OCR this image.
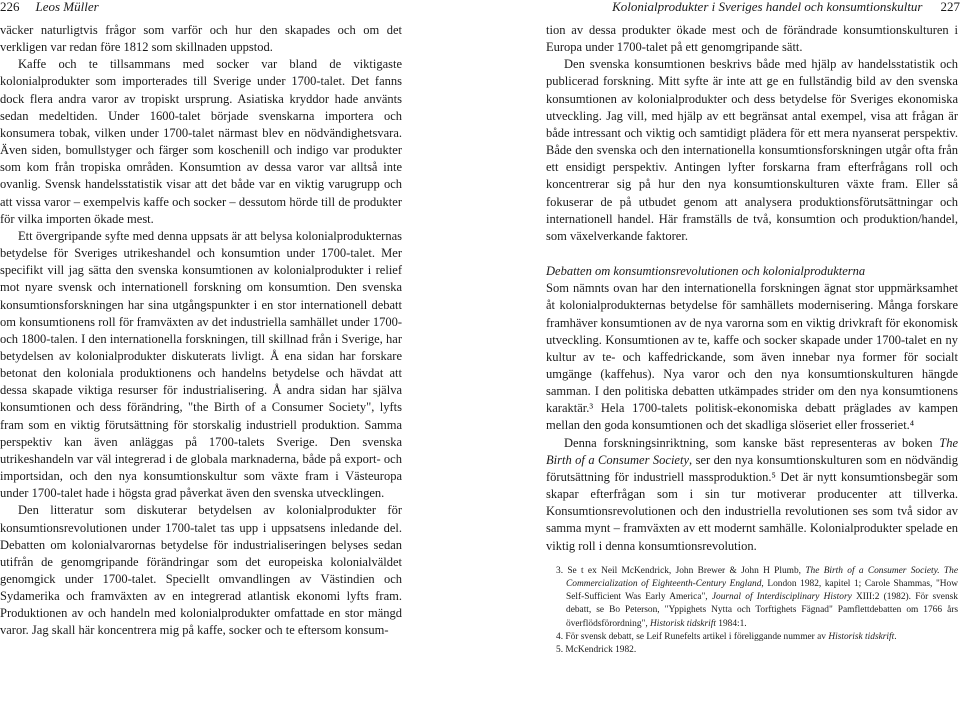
226 Leos Müller	Kolonialprodukter i Sveriges handel och konsumtionskultur 227

väcker naturligtvis frågor som varför och hur den skapades och om det verkligen var redan före 1812 som skillnaden uppstod.

Kaffe och te tillsammans med socker var bland de viktigaste kolonialprodukter som importerades till Sverige under 1700-talet. Det fanns dock flera andra varor av tropiskt ursprung. Asiatiska kryddor hade använts sedan medeltiden. Under 1600-talet började svenskarna importera och konsumera tobak, vilken under 1700-talet närmast blev en nödvändighetsvara. Även siden, bomullstyger och färger som koschenill och indigo var produkter som kom från tropiska områden. Konsumtion av dessa varor var alltså inte ovanlig. Svensk handelsstatistik visar att det både var en viktig varugrupp och att vissa varor – exempelvis kaffe och socker – dessutom hörde till de produkter för vilka importen ökade mest.

Ett övergripande syfte med denna uppsats är att belysa kolonialprodukternas betydelse för Sveriges utrikeshandel och konsumtion under 1700-talet. Mer specifikt vill jag sätta den svenska konsumtionen av kolonialprodukter i relief mot nyare svensk och internationell forskning om konsumtion. Den svenska konsumtionsforskningen har sina utgångspunkter i en stor internationell debatt om konsumtionens roll för framväxten av det industriella samhället under 1700- och 1800-talen. I den internationella forskningen, till skillnad från i Sverige, har betydelsen av kolonialprodukter diskuterats livligt. Å ena sidan har forskare betonat den koloniala produktionens och handelns betydelse och hävdat att dessa skapade viktiga resurser för industrialisering. Å andra sidan har själva konsumtionen och dess förändring, "the Birth of a Consumer Society", lyfts fram som en viktig förutsättning för storskalig industriell produktion. Samma perspektiv kan även anläggas på 1700-talets Sverige. Den svenska utrikeshandeln var väl integrerad i de globala marknaderna, både på export- och importsidan, och den nya konsumtionskultur som växte fram i Västeuropa under 1700-talet hade i högsta grad påverkat även den svenska utvecklingen.

Den litteratur som diskuterar betydelsen av kolonialprodukter för konsumtionsrevolutionen under 1700-talet tas upp i uppsatsens inledande del. Debatten om kolonialvarornas betydelse för industrialiseringen belyses sedan utifrån de genomgripande förändringar som det europeiska kolonialväldet genomgick under 1700-talet. Speciellt omvandlingen av Västindien och Sydamerika och framväxten av en integrerad atlantisk ekonomi lyfts fram. Produktionen av och handeln med kolonialprodukter omfattade en stor mängd varor. Jag skall här koncentrera mig på kaffe, socker och te eftersom konsum-

tion av dessa produkter ökade mest och de förändrade konsumtionskulturen i Europa under 1700-talet på ett genomgripande sätt.

Den svenska konsumtionen beskrivs både med hjälp av handelsstatistik och publicerad forskning. Mitt syfte är inte att ge en fullständig bild av den svenska konsumtionen av kolonialprodukter och dess betydelse för Sveriges ekonomiska utveckling. Jag vill, med hjälp av ett begränsat antal exempel, visa att frågan är både intressant och viktig och samtidigt plädera för ett mera nyanserat perspektiv. Både den svenska och den internationella konsumtionsforskningen utgår ofta från ett ensidigt perspektiv. Antingen lyfter forskarna fram efterfrågans roll och koncentrerar sig på hur den nya konsumtionskulturen växte fram. Eller så fokuserar de på utbudet genom att analysera produktionsförutsättningar och internationell handel. Här framställs de två, konsumtion och produktion/handel, som växelverkande faktorer.

Debatten om konsumtionsrevolutionen och kolonialprodukterna

Som nämnts ovan har den internationella forskningen ägnat stor uppmärksamhet åt kolonialprodukternas betydelse för samhällets modernisering. Många forskare framhäver konsumtionen av de nya varorna som en viktig drivkraft för ekonomisk utveckling. Konsumtionen av te, kaffe och socker skapade under 1700-talet en ny kultur av te- och kaffedrickande, som även innebar nya former för socialt umgänge (kaffehus). Nya varor och den nya konsumtionskulturen hängde samman. I den politiska debatten utkämpades strider om den nya konsumtionens karaktär.³ Hela 1700-talets politisk-ekonomiska debatt präglades av kampen mellan den goda konsumtionen och det skadliga slöseriet eller frosseriet.⁴

Denna forskningsinriktning, som kanske bäst representeras av boken The Birth of a Consumer Society, ser den nya konsumtionskulturen som en nödvändig förutsättning för industriell massproduktion.⁵ Det är nytt konsumtionsbegär som skapar efterfrågan som i sin tur motiverar producenter att tillverka. Konsumtionsrevolutionen och den industriella revolutionen ses som två sidor av samma mynt – framväxten av ett modernt samhälle. Kolonialprodukter spelade en viktig roll i denna konsumtionsrevolution.

3. Se t ex Neil McKendrick, John Brewer & John H Plumb, The Birth of a Consumer Society. The Commercialization of Eighteenth-Century England, London 1982, kapitel 1; Carole Shammas, "How Self-Sufficient Was Early America", Journal of Interdisciplinary History XIII:2 (1982). För svensk debatt, se Bo Peterson, "Yppighets Nytta och Torftighets Fägnad" Pamflettdebatten om 1766 års överflödsförordning", Historisk tidskrift 1984:1.
4. För svensk debatt, se Leif Runefelts artikel i föreliggande nummer av Historisk tidskrift.
5. McKendrick 1982.
